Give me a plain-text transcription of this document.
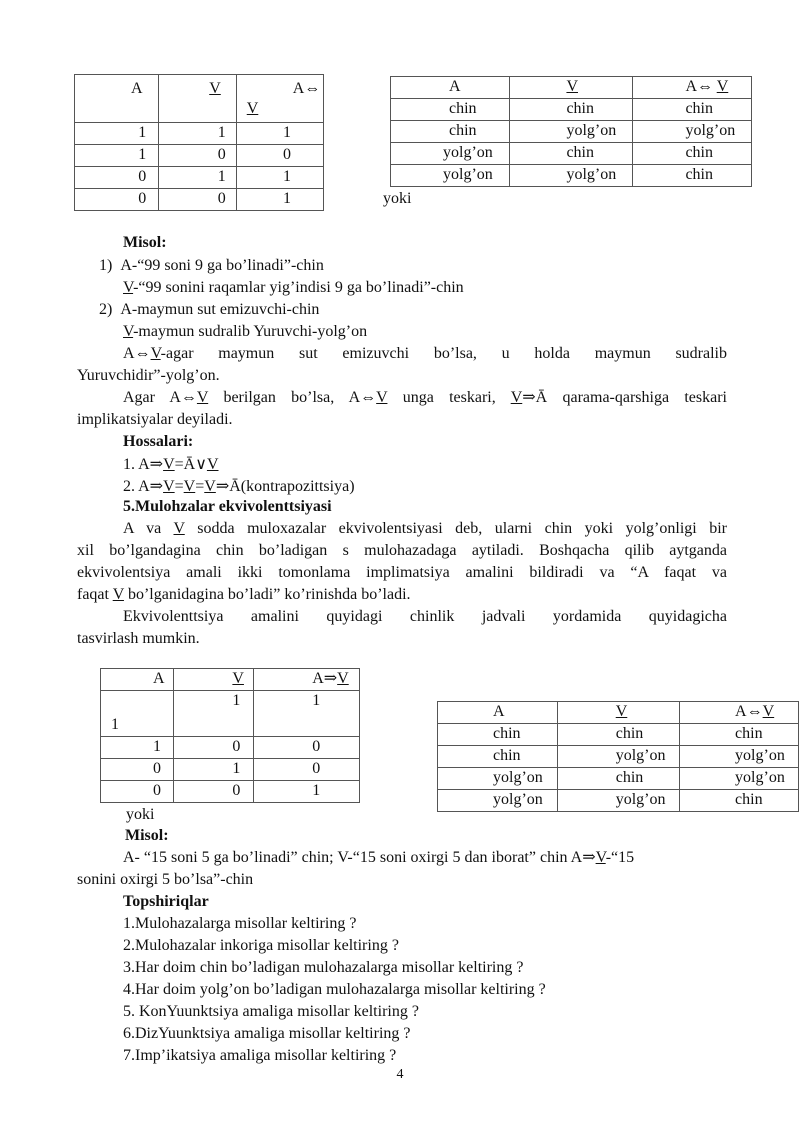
A	V	A⇔
V

1	1	1
1	0	0
0	1	1
0	0	1
A	V	A⇔ V
chin	chin	chin
chin	yolg’on	yolg’on
yolg’on	chin	chin
yolg’on	yolg’on	chin
yoki
Misol:
1) A-“99 soni 9 ga bo’linadi”-chin
V-“99 sonini raqamlar yig’indisi 9 ga bo’linadi”-chin
2) A-maymun sut emizuvchi-chin
V-maymun sudralib Yuruvchi-yolg’on
A⇔V-agar maymun sut emizuvchi bo’lsa, u holda maymun sudralib
Yuruvchidir”-yolg’on.
Agar A⇔V berilgan bo’lsa, A⇔V unga teskari, V⇒Ā qarama-qarshiga teskari
implikatsiyalar deyiladi.
Hossalari:
1. A⇒V=Ā∨V
2. A⇒V=V=V⇒Ā(kontrapozittsiya)
5.Mulohzalar ekvivolenttsiyasi
A va V sodda muloxazalar ekvivolentsiyasi deb, ularni chin yoki yolg’onligi bir
xil bo’lgandagina chin bo’ladigan s mulohazadaga aytiladi. Boshqacha qilib aytganda
ekvivolentsiya amali ikki tomonlama implimatsiya amalini bildiradi va “A faqat va
faqat V bo’lganidagina bo’ladi” ko’rinishda bo’ladi.
Ekvivolenttsiya amalini quyidagi chinlik jadvali yordamida quyidagicha
tasvirlash mumkin.
A	V	A⇒V
1	1	1
1	0	0
0	1	0
0	0	1
yoki
A	V	A⇔V
chin	chin	chin
chin	yolg’on	yolg’on
yolg’on	chin	yolg’on
yolg’on	yolg’on	chin
Misol:
A- “15 soni 5 ga bo’linadi” chin; V-“15 soni oxirgi 5 dan iborat” chin A⇒V-“15
sonini oxirgi 5 bo’lsa”-chin
Topshiriqlar
1.Mulohazalarga misollar keltiring ?
2.Mulohazalar inkoriga misollar keltiring ?
3.Har doim chin bo’ladigan mulohazalarga misollar keltiring ?
4.Har doim yolg’on bo’ladigan mulohazalarga misollar keltiring ?
5. KonYuunktsiya amaliga misollar keltiring ?
6.DizYuunktsiya amaliga misollar keltiring ?
7.Imp’ikatsiya amaliga misollar keltiring ?
4
